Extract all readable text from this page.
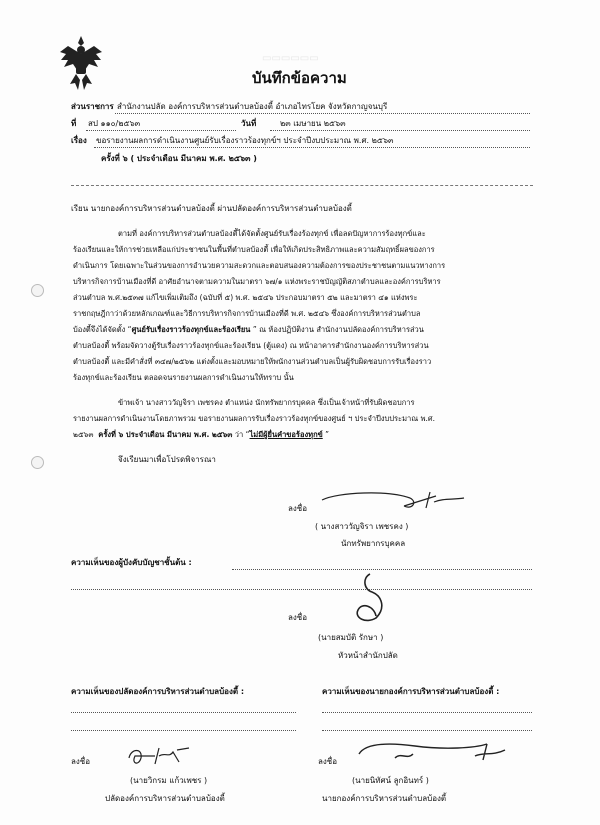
▭▭▭▭▭▭
บันทึกข้อความ
ส่วนราชการ สำนักงานปลัด องค์การบริหารส่วนตำบลบ้องตี้ อำเภอไทรโยค จังหวัดกาญจนบุรี
ที่ สป ๑๑๐/๒๕๖๓	วันที่	๒๓ เมษายน ๒๕๖๓
เรื่อง ขอรายงานผลการดำเนินงานศูนย์รับเรื่องราวร้องทุกข์ฯ ประจำปีงบประมาณ พ.ศ. ๒๕๖๓
ครั้งที่ ๖ ( ประจำเดือน มีนาคม พ.ศ. ๒๕๖๓ )
เรียน นายกองค์การบริหารส่วนตำบลบ้องตี้ ผ่านปลัดองค์การบริหารส่วนตำบลบ้องตี้
ตามที่ องค์การบริหารส่วนตำบลบ้องตี้ได้จัดตั้งศูนย์รับเรื่องร้องทุกข์ เพื่อลดปัญหาการร้องทุกข์และ
ร้องเรียนและให้การช่วยเหลือแก่ประชาชนในพื้นที่ตำบลบ้องตี้ เพื่อให้เกิดประสิทธิภาพและความสัมฤทธิ์ผลของการ
ดำเนินการ โดยเฉพาะในส่วนของการอำนวยความสะดวกและตอบสนองความต้องการของประชาชนตามแนวทางการ
บริหารกิจการบ้านเมืองที่ดี อาศัยอำนาจตามความในมาตรา ๖๗/๑ แห่งพระราชบัญญัติสภาตำบลและองค์การบริหาร
ส่วนตำบล พ.ศ.๒๕๓๗ แก้ไขเพิ่มเติมถึง (ฉบับที่ ๕) พ.ศ. ๒๕๔๖ ประกอบมาตรา ๕๒ และมาตรา ๔๑ แห่งพระ
ราชกฤษฎีกาว่าด้วยหลักเกณฑ์และวิธีการบริหารกิจการบ้านเมืองที่ดี พ.ศ. ๒๕๔๖ ซึ่งองค์การบริหารส่วนตำบล
บ้องตี้จึงได้จัดตั้ง “ศูนย์รับเรื่องราวร้องทุกข์และร้องเรียน ” ณ ห้องปฏิบัติงาน สำนักงานปลัดองค์การบริหารส่วน
ตำบลบ้องตี้ พร้อมจัดวางตู้รับเรื่องราวร้องทุกข์และร้องเรียน (ตู้แดง) ณ หน้าอาคารสำนักงานองค์การบริหารส่วน
ตำบลบ้องตี้ และมีคำสั่งที่ ๓๔๗/๒๕๖๒ แต่งตั้งและมอบหมายให้พนักงานส่วนตำบลเป็นผู้รับผิดชอบการรับเรื่องราว
ร้องทุกข์และร้องเรียน ตลอดจนรายงานผลการดำเนินงานให้ทราบ นั้น
ข้าพเจ้า นางสาววัญจิรา เพชรคง ตำแหน่ง นักทรัพยากรบุคคล ซึ่งเป็นเจ้าหน้าที่รับผิดชอบการ
รายงานผลการดำเนินงานโดยภาพรวม ขอรายงานผลการรับเรื่องราวร้องทุกข์ของศูนย์ ฯ ประจำปีงบประมาณ พ.ศ.
๒๕๖๓ ครั้งที่ ๖ ประจำเดือน มีนาคม พ.ศ. ๒๕๖๓ ว่า “ไม่มีผู้ยื่นคำขอร้องทุกข์ ”
จึงเรียนมาเพื่อโปรดพิจารณา
ลงชื่อ
( นางสาววัญจิรา เพชรคง )
นักทรัพยากรบุคคล
ความเห็นของผู้บังคับบัญชาชั้นต้น :
ลงชื่อ
(นายสมบัติ รักษา )
หัวหน้าสำนักปลัด
ความเห็นของปลัดองค์การบริหารส่วนตำบลบ้องตี้ :	ความเห็นของนายกองค์การบริหารส่วนตำบลบ้องตี้ :
ลงชื่อ
(นายวิกรม แก้วเพชร )
ปลัดองค์การบริหารส่วนตำบลบ้องตี้
ลงชื่อ
(นายนิทัศน์ ลูกอินทร์ )
นายกองค์การบริหารส่วนตำบลบ้องตี้
